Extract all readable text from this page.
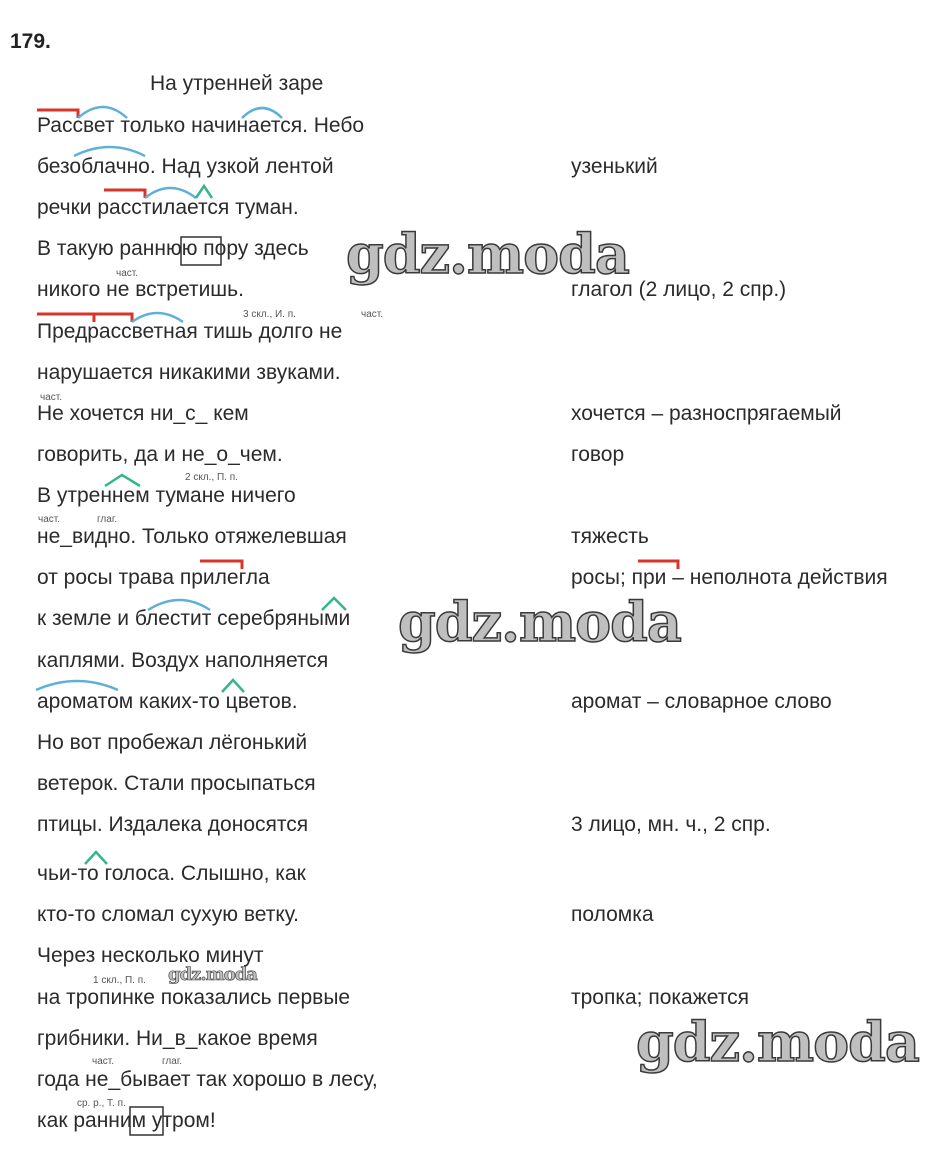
179.
На утренней заре
Рассвет только начинается. Небо
безоблачно. Над узкой лентой
речки расстилается туман.
В такую раннюю пору здесь
никого не встретишь.
Предрассветная тишь долго не
нарушается никакими звуками.
Не хочется ни_с_ кем
говорить, да и не_о_чем.
В утреннем тумане ничего
не_видно. Только отяжелевшая
от росы трава прилегла
к земле и блестит серебряными
каплями. Воздух наполняется
ароматом каких-то цветов.
Но вот пробежал лёгонький
ветерок. Стали просыпаться
птицы. Издалека доносятся
чьи-то голоса. Слышно, как
кто-то сломал сухую ветку.
Через несколько минут
на тропинке показались первые
грибники. Ни_в_какое время
года не_бывает так хорошо в лесу,
как ранним утром!
узенький
глагол (2 лицо, 2 спр.)
хочется – разноспрягаемый
говор
тяжесть
росы; при – неполнота действия
аромат – словарное слово
3 лицо, мн. ч., 2 спр.
поломка
тропка; покажется
част.
3 скл., И. п.	част.
част.
2 скл., П. п.
част.	глаг.
1 скл., П. п.
част.	глаг.
ср. р., Т. п.
gdz.moda
gdz.moda
gdz.moda
gdz.moda
